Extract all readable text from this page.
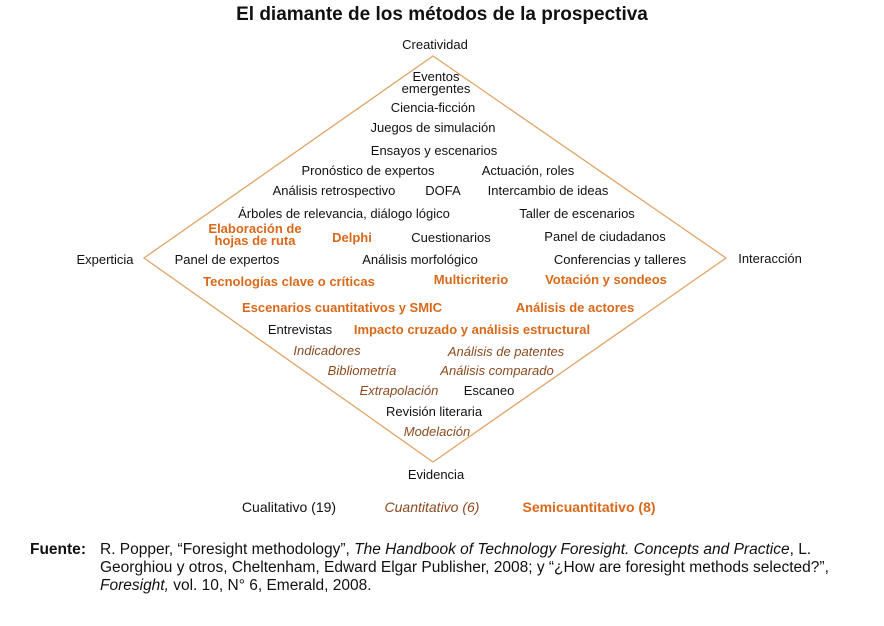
El diamante de los métodos de la prospectiva
Creatividad
Experticia	Interacción
Evidencia
Eventos
emergentes
Ciencia-ficción
Juegos de simulación
Ensayos y escenarios
Pronóstico de expertos	Actuación, roles
Análisis retrospectivo DOFA Intercambio de ideas
Árboles de relevancia, diálogo lógico	Taller de escenarios
Elaboración de
hojas de ruta	Delphi	Cuestionarios	Panel de ciudadanos
Panel de expertos	Análisis morfológico	Conferencias y talleres
Tecnologías clave o críticas	Multicriterio	Votación y sondeos
Escenarios cuantitativos y SMIC	Análisis de actores
Entrevistas Impacto cruzado y análisis estructural
Indicadores	Análisis de patentes
Bibliometría	Análisis comparado
Extrapolación Escaneo
Revisión literaria
Modelación
Cualitativo (19)	Cuantitativo (6)	Semicuantitativo (8)
Fuente: R. Popper, “Foresight methodology”, The Handbook of Technology Foresight. Concepts and Practice, L. Georghiou y otros, Cheltenham, Edward Elgar Publisher, 2008; y “¿How are foresight methods selected?”, Foresight, vol. 10, N° 6, Emerald, 2008.
